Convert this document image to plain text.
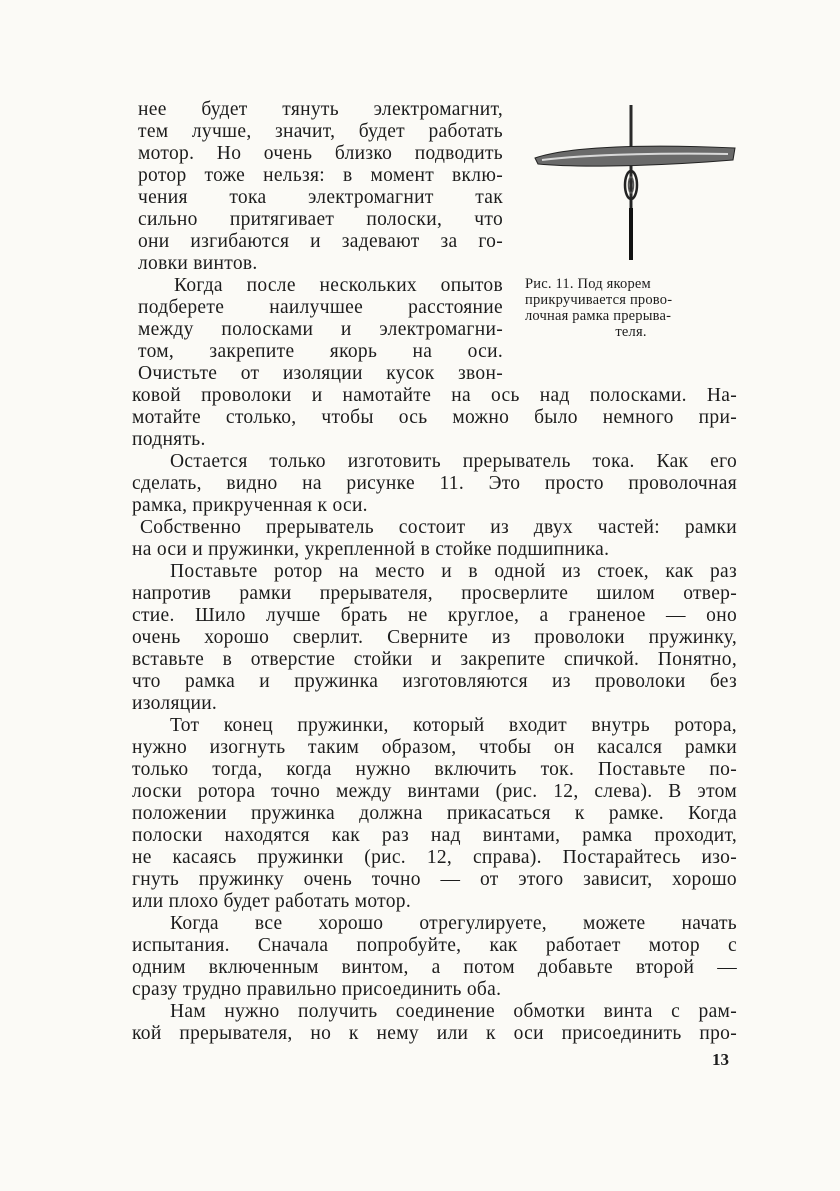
нее будет тянуть электромагнит,
тем лучше, значит, будет работать
мотор. Но очень близко подводить
ротор тоже нельзя: в момент вклю-
чения тока электромагнит так
сильно притягивает полоски, что
они изгибаются и задевают за го-
ловки винтов.
Когда после нескольких опытов
подберете наилучшее расстояние
между полосками и электромагни-
том, закрепите якорь на оси.
Очистьте от изоляции кусок звон-
Рис. 11. Под якорем
прикручивается прово-
лочная рамка прерыва-
теля.
ковой проволоки и намотайте на ось над полосками. На-
мотайте столько, чтобы ось можно было немного при-
поднять.
Остается только изготовить прерыватель тока. Как его
сделать, видно на рисунке 11. Это просто проволочная
рамка, прикрученная к оси.
Собственно прерыватель состоит из двух частей: рамки
на оси и пружинки, укрепленной в стойке подшипника.
Поставьте ротор на место и в одной из стоек, как раз
напротив рамки прерывателя, просверлите шилом отвер-
стие. Шило лучше брать не круглое, а граненое — оно
очень хорошо сверлит. Сверните из проволоки пружинку,
вставьте в отверстие стойки и закрепите спичкой. Понятно,
что рамка и пружинка изготовляются из проволоки без
изоляции.
Тот конец пружинки, который входит внутрь ротора,
нужно изогнуть таким образом, чтобы он касался рамки
только тогда, когда нужно включить ток. Поставьте по-
лоски ротора точно между винтами (рис. 12, слева). В этом
положении пружинка должна прикасаться к рамке. Когда
полоски находятся как раз над винтами, рамка проходит,
не касаясь пружинки (рис. 12, справа). Постарайтесь изо-
гнуть пружинку очень точно — от этого зависит, хорошо
или плохо будет работать мотор.
Когда все хорошо отрегулируете, можете начать
испытания. Сначала попробуйте, как работает мотор с
одним включенным винтом, а потом добавьте второй —
сразу трудно правильно присоединить оба.
Нам нужно получить соединение обмотки винта с рам-
кой прерывателя, но к нему или к оси присоединить про-
13
